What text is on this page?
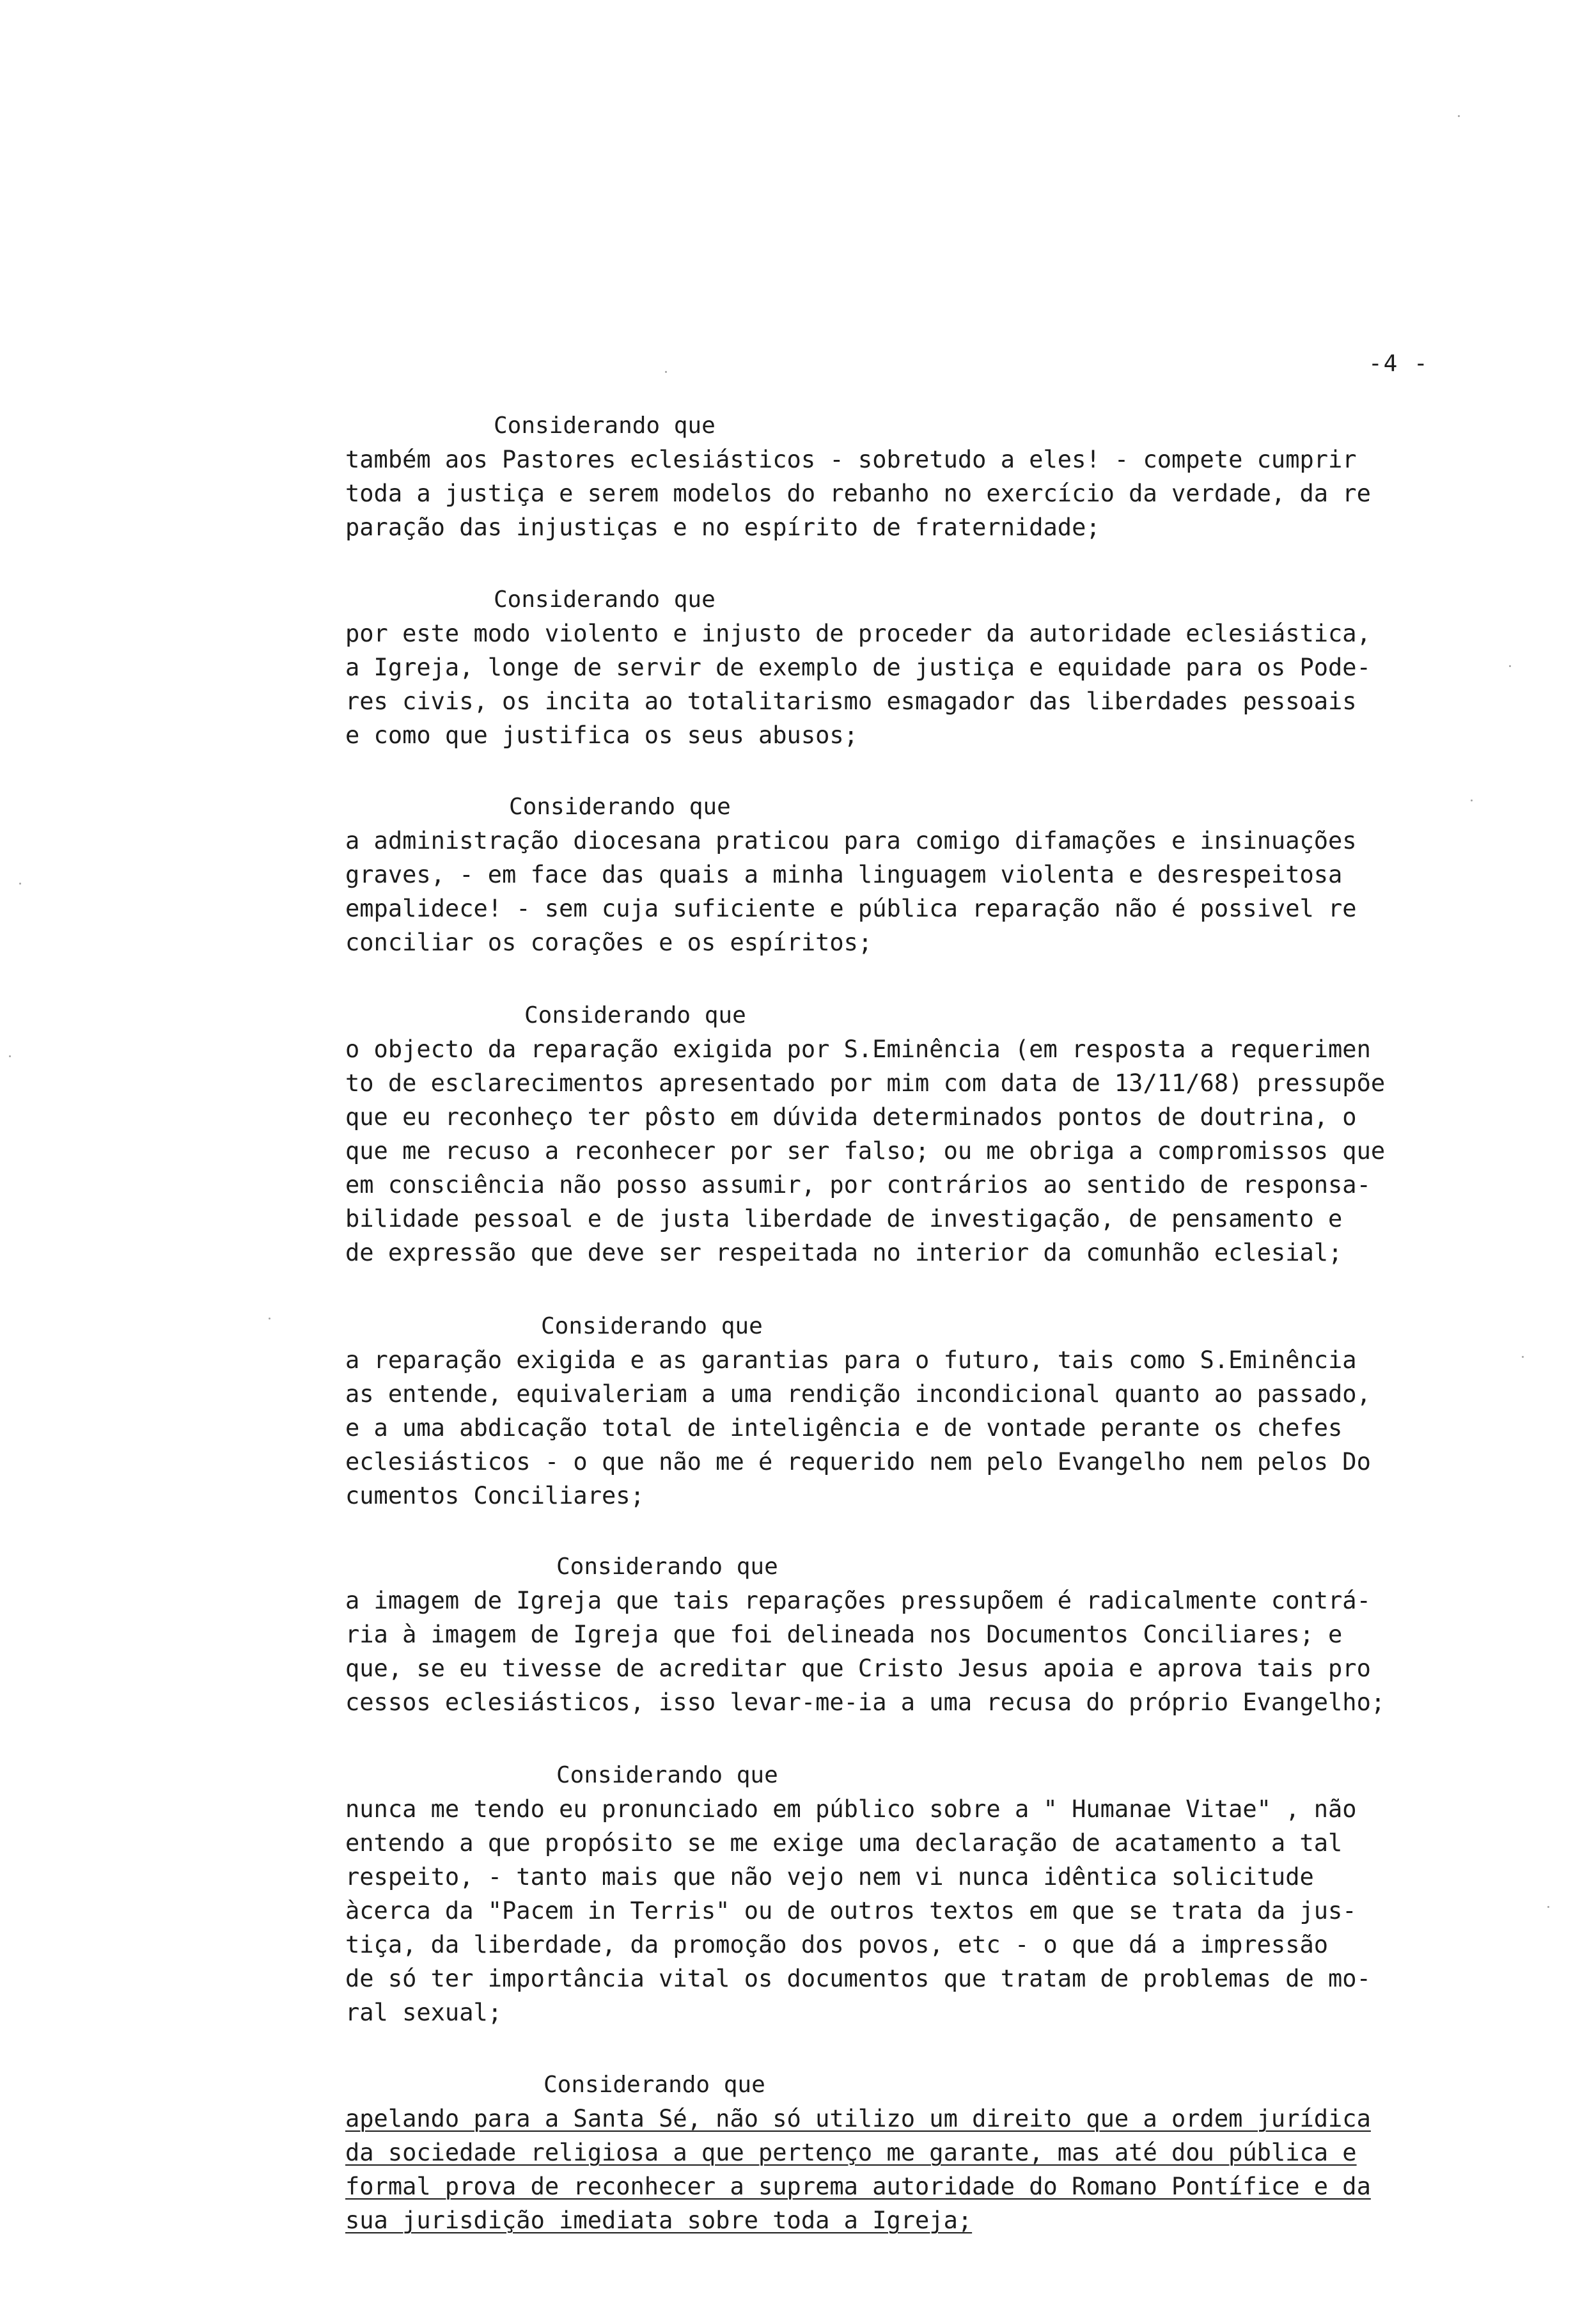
-4 -
Considerando que
também aos Pastores eclesiásticos - sobretudo a eles! - compete cumprir
toda a justiça e serem modelos do rebanho no exercício da verdade, da re
paração das injustiças e no espírito de fraternidade;
Considerando que
por este modo violento e injusto de proceder da autoridade eclesiástica,
a Igreja, longe de servir de exemplo de justiça e equidade para os Pode-
res civis, os incita ao totalitarismo esmagador das liberdades pessoais
e como que justifica os seus abusos;
Considerando que
a administração diocesana praticou para comigo difamações e insinuações
graves, - em face das quais a minha linguagem violenta e desrespeitosa
empalidece! - sem cuja suficiente e pública reparação não é possivel re
conciliar os corações e os espíritos;
Considerando que
o objecto da reparação exigida por S.Eminência (em resposta a requerimen
to de esclarecimentos apresentado por mim com data de 13/11/68) pressupõe
que eu reconheço ter pôsto em dúvida determinados pontos de doutrina, o
que me recuso a reconhecer por ser falso; ou me obriga a compromissos que
em consciência não posso assumir, por contrários ao sentido de responsa-
bilidade pessoal e de justa liberdade de investigação, de pensamento e
de expressão que deve ser respeitada no interior da comunhão eclesial;
Considerando que
a reparação exigida e as garantias para o futuro, tais como S.Eminência
as entende, equivaleriam a uma rendição incondicional quanto ao passado,
e a uma abdicação total de inteligência e de vontade perante os chefes
eclesiásticos - o que não me é requerido nem pelo Evangelho nem pelos Do
cumentos Conciliares;
Considerando que
a imagem de Igreja que tais reparações pressupõem é radicalmente contrá-
ria à imagem de Igreja que foi delineada nos Documentos Conciliares; e
que, se eu tivesse de acreditar que Cristo Jesus apoia e aprova tais pro
cessos eclesiásticos, isso levar-me-ia a uma recusa do próprio Evangelho;
Considerando que
nunca me tendo eu pronunciado em público sobre a " Humanae Vitae" , não
entendo a que propósito se me exige uma declaração de acatamento a tal
respeito, - tanto mais que não vejo nem vi nunca idêntica solicitude
àcerca da "Pacem in Terris" ou de outros textos em que se trata da jus-
tiça, da liberdade, da promoção dos povos, etc - o que dá a impressão
de só ter importância vital os documentos que tratam de problemas de mo-
ral sexual;
Considerando que
apelando para a Santa Sé, não só utilizo um direito que a ordem jurídica
da sociedade religiosa a que pertenço me garante, mas até dou pública e
formal prova de reconhecer a suprema autoridade do Romano Pontífice e da
sua jurisdição imediata sobre toda a Igreja;
